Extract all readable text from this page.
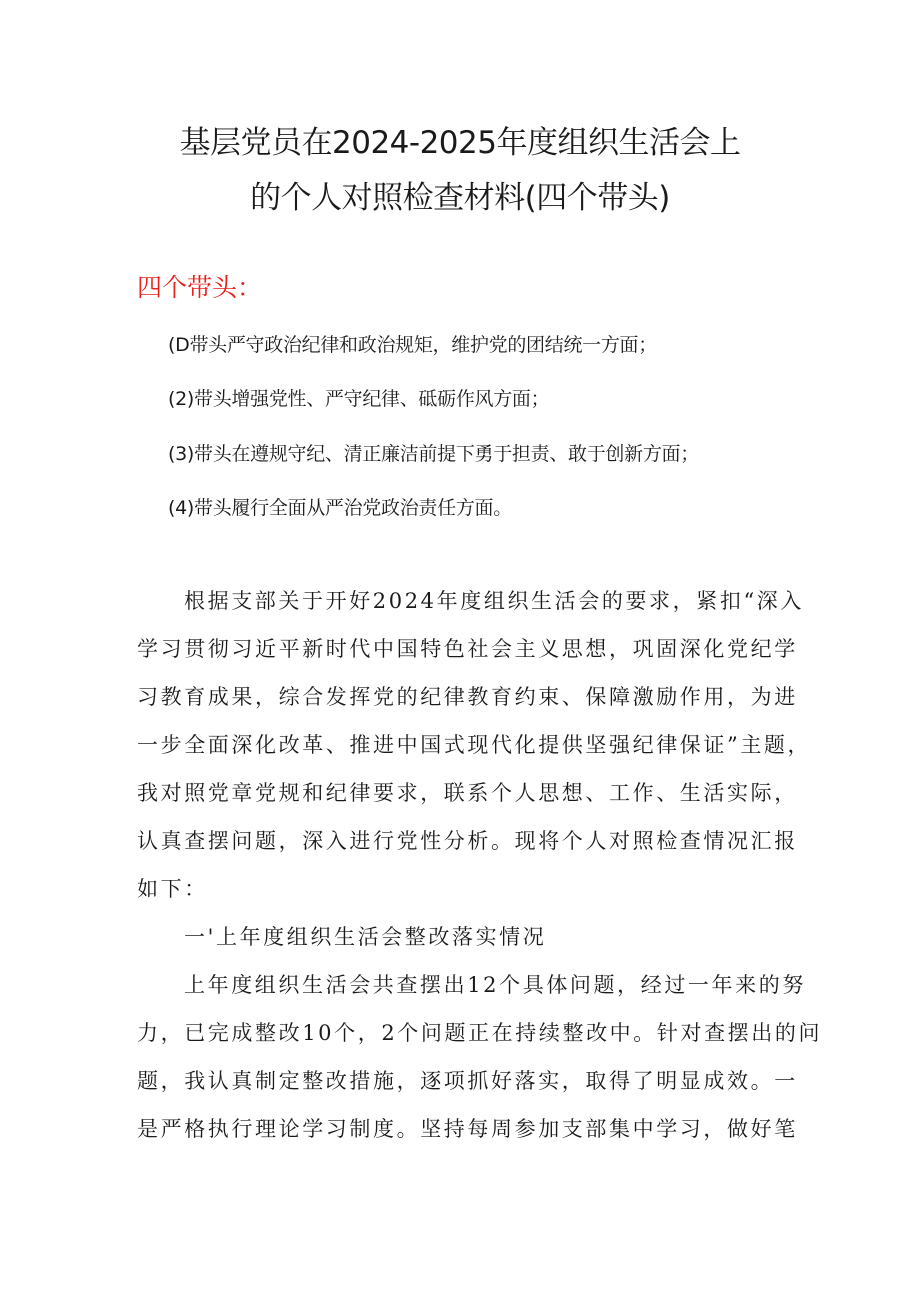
基层党员在2024-2025年度组织生活会上
的个人对照检查材料(四个带头)
四个带头：
(D带头严守政治纪律和政治规矩，维护党的团结统一方面；
(2)带头增强党性、严守纪律、砥砺作风方面；
(3)带头在遵规守纪、清正廉洁前提下勇于担责、敢于创新方面；
(4)带头履行全面从严治党政治责任方面。
根据支部关于开好2024年度组织生活会的要求，紧扣“深入
学习贯彻习近平新时代中国特色社会主义思想，巩固深化党纪学
习教育成果，综合发挥党的纪律教育约束、保障激励作用，为进
一步全面深化改革、推进中国式现代化提供坚强纪律保证”主题，
我对照党章党规和纪律要求，联系个人思想、工作、生活实际，
认真查摆问题，深入进行党性分析。现将个人对照检查情况汇报
如下：
一'上年度组织生活会整改落实情况
上年度组织生活会共查摆出12个具体问题，经过一年来的努
力，已完成整改10个，2个问题正在持续整改中。针对查摆出的问
题，我认真制定整改措施，逐项抓好落实，取得了明显成效。一
是严格执行理论学习制度。坚持每周参加支部集中学习，做好笔
